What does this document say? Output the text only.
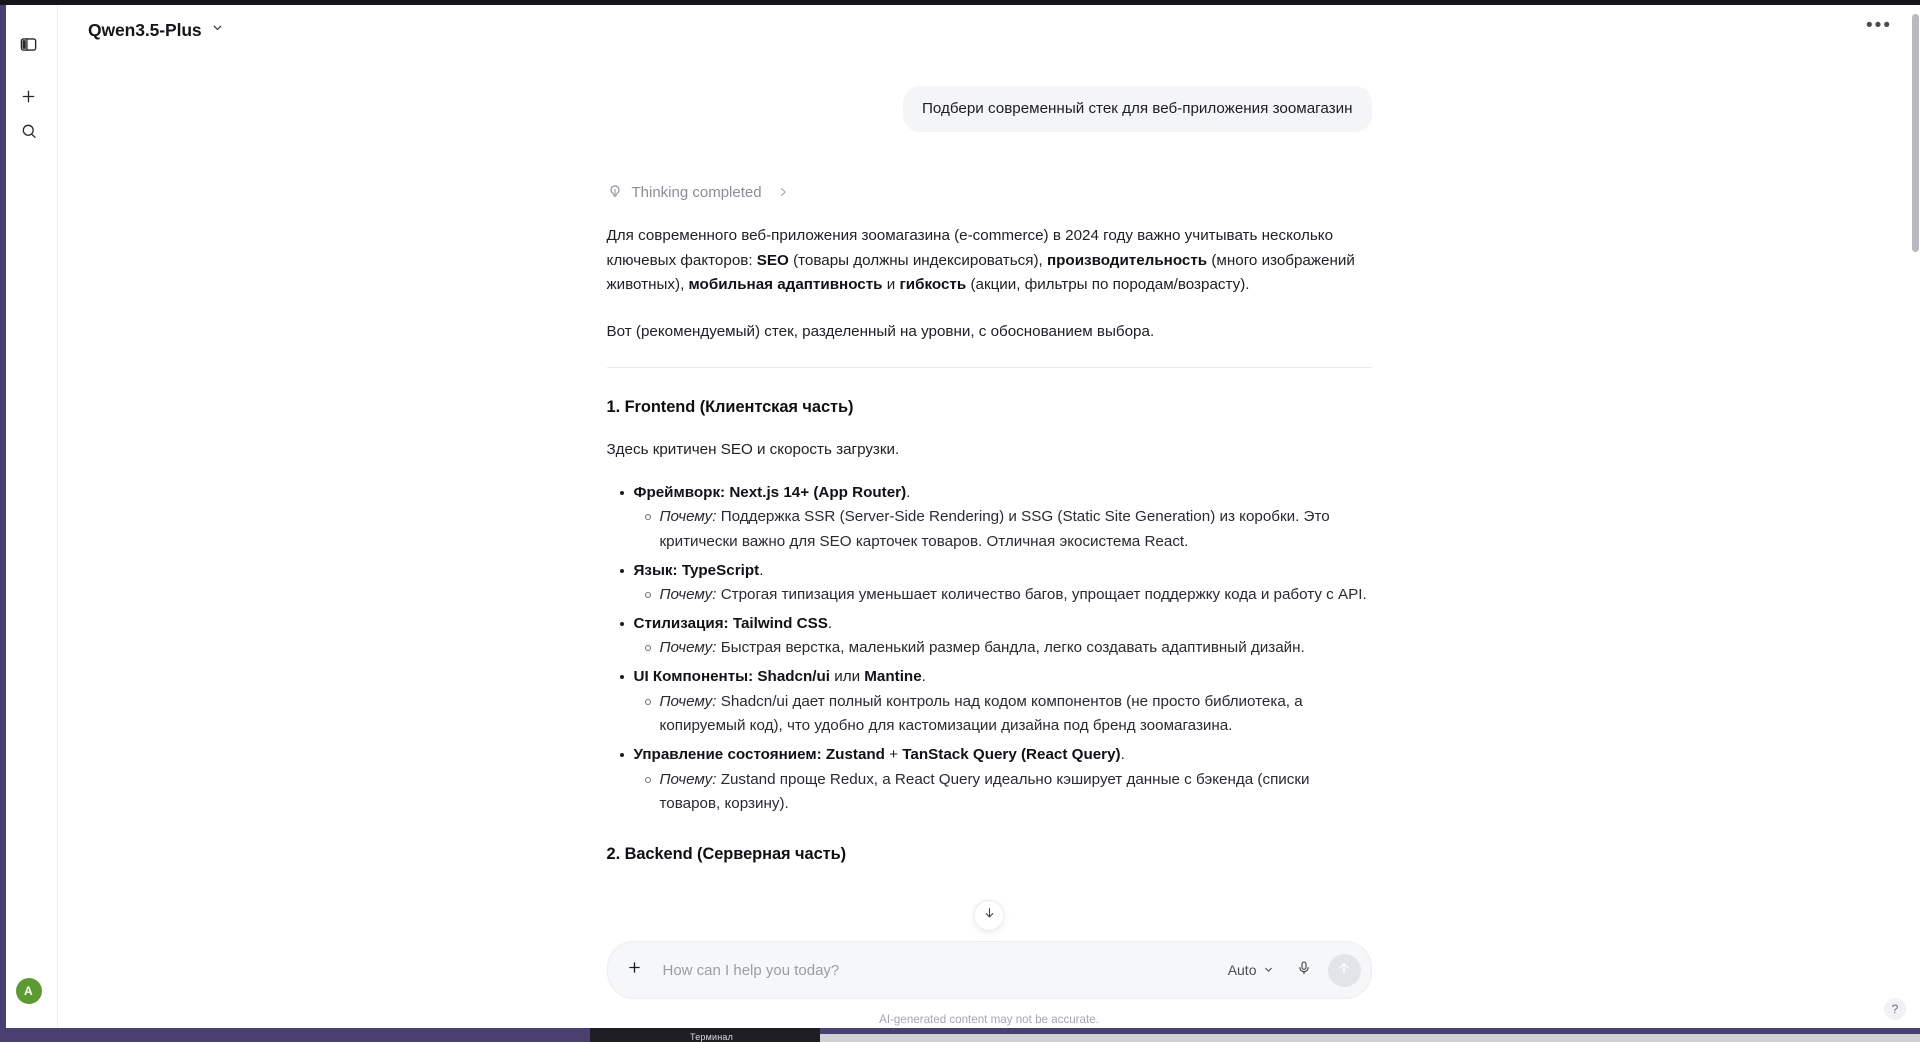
A
Qwen3.5-Plus	•••
Подбери современный стек для веб-приложения зоомагазин
Thinking completed

Для современного веб-приложения зоомагазина (e-commerce) в 2024 году важно учитывать несколько ключевых факторов: SEO (товары должны индексироваться), производительность (много изображений животных), мобильная адаптивность и гибкость (акции, фильтры по породам/возрасту).

Вот (рекомендуемый) стек, разделенный на уровни, с обоснованием выбора.

1. Frontend (Клиентская часть)

Здесь критичен SEO и скорость загрузки.

Фреймворк: Next.js 14+ (App Router).
Почему: Поддержка SSR (Server-Side Rendering) и SSG (Static Site Generation) из коробки. Это критически важно для SEO карточек товаров. Отличная экосистема React.
Язык: TypeScript.
Почему: Строгая типизация уменьшает количество багов, упрощает поддержку кода и работу с API.
Стилизация: Tailwind CSS.
Почему: Быстрая верстка, маленький размер бандла, легко создавать адаптивный дизайн.
UI Компоненты: Shadcn/ui или Mantine.
Почему: Shadcn/ui дает полный контроль над кодом компонентов (не просто библиотека, а копируемый код), что удобно для кастомизации дизайна под бренд зоомагазина.
Управление состоянием: Zustand + TanStack Query (React Query).
Почему: Zustand проще Redux, а React Query идеально кэширует данные с бэкенда (списки товаров, корзину).
2. Backend (Серверная часть)
How can I help you today?
Auto
AI-generated content may not be accurate.
?
Терминал
